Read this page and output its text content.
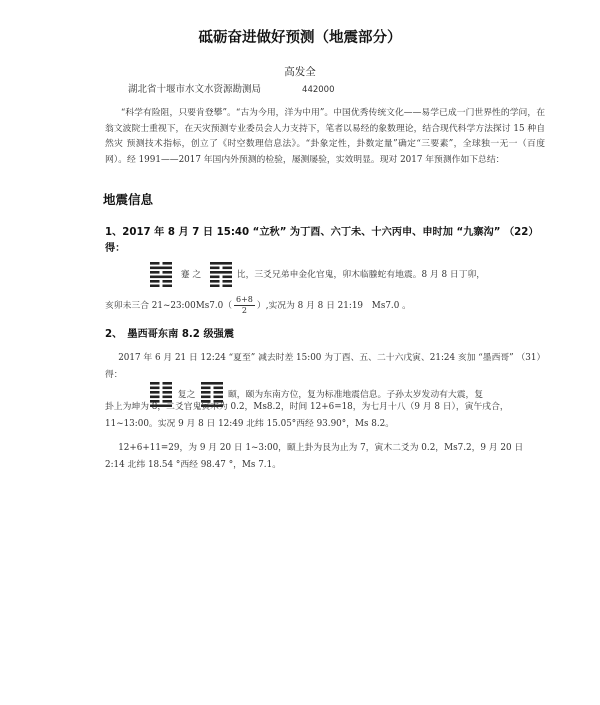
砥砺奋进做好预测（地震部分）
高发全
湖北省十堰市水文水资源勘测局	442000

“科学有险阻，只要肯登攀”。“古为今用，洋为中用”。中国优秀传统文化——易学已成一门世界性的学问，在翁文波院士重视下，在天灾预测专业委员会人力支持下，笔者以易经的象数理论，结合现代科学方法探讨 15 种自然灾 预测技术指标，创立了《时空数理信息法》。“卦象定性，卦数定量”确定“三要素”，全球独一无一（百度网）。经 1991——2017 年国内外预测的检验，屡测屡验，实效明显。现对 2017 年预测作如下总结：

地震信息
1、2017 年 8 月 7 日 15:40 “立秋” 为丁酉、六丁未、十六丙申、申时加 “九寨沟” （22）得：
蹇 之	比，三爻兄弟申金化官鬼，卯木临螣蛇有地震。8 月 8 日丁卯，
亥卯未三合 21~23:00Ms7.0（ $\frac{6+8}{2}$ ）,实况为 8 月 8 日 21:19　Ms7.0 。
2、　墨西哥东南 8.2 级强震
2017 年 6 月 21 日 12:24 “夏至” 减去时差 15:00 为丁酉、五、二十六戊寅、21:24 亥加 “墨西哥” （31）得：
复之	颐，颐为东南方位，复为标准地震信息。子孙太岁发动有大震，复
卦上为坤为 8，二爻官鬼寅木为 0.2，Ms8.2，时间 12+6=18，为七月十八（9 月 8 日），寅午戌合，11~13:00。实况 9 月 8 日 12:49 北纬 15.05°西经 93.90°，Ms 8.2。
12+6+11=29，为 9 月 20 日 1~3:00，颐上卦为艮为止为 7，寅木二爻为 0.2，Ms7.2，9 月 20 日 2:14 北纬 18.54 °西经 98.47 °，Ms 7.1。
